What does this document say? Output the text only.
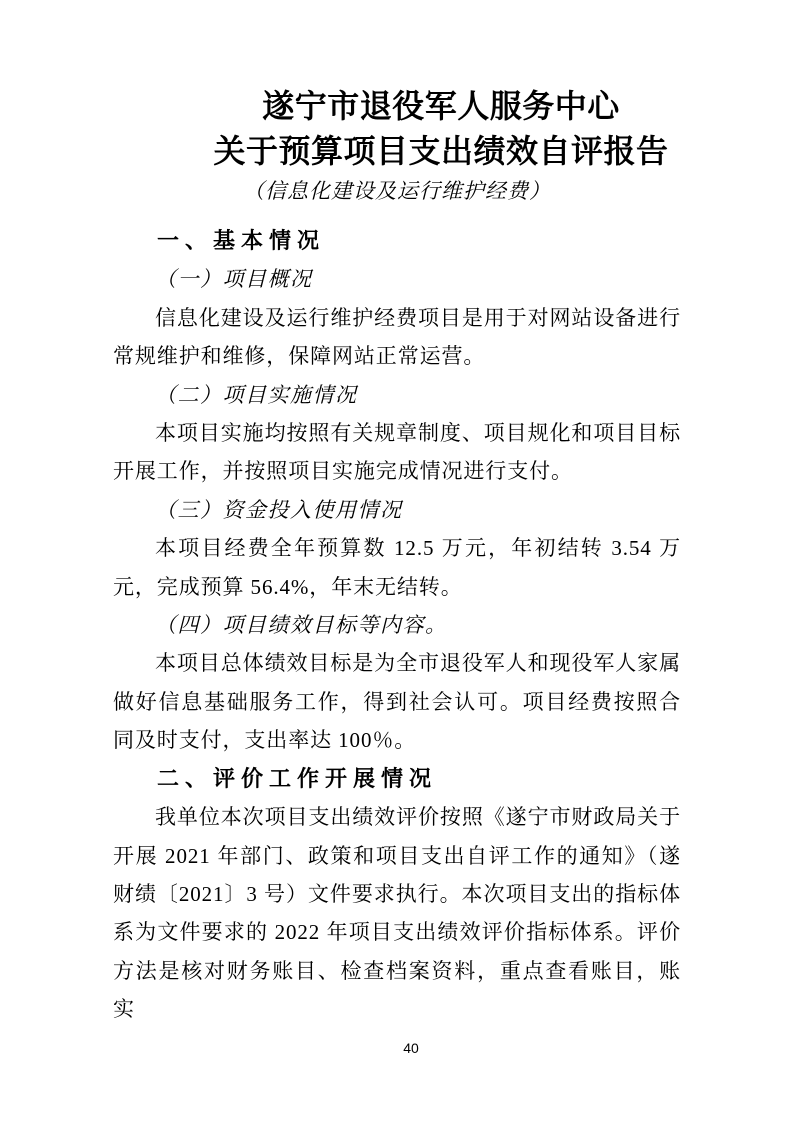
遂宁市退役军人服务中心
关于预算项目支出绩效自评报告
（信息化建设及运行维护经费）

一、基本情况

（一）项目概况

信息化建设及运行维护经费项目是用于对网站设备进行常规维护和维修，保障网站正常运营。

（二）项目实施情况

本项目实施均按照有关规章制度、项目规化和项目目标开展工作，并按照项目实施完成情况进行支付。

（三）资金投入使用情况

本项目经费全年预算数 12.5 万元，年初结转 3.54 万元，完成预算 56.4%，年末无结转。

（四）项目绩效目标等内容。

本项目总体绩效目标是为全市退役军人和现役军人家属做好信息基础服务工作，得到社会认可。项目经费按照合同及时支付，支出率达 100％。

二、评价工作开展情况

我单位本次项目支出绩效评价按照《遂宁市财政局关于开展 2021 年部门、政策和项目支出自评工作的通知》（遂财绩〔2021〕3 号）文件要求执行。本次项目支出的指标体系为文件要求的 2022 年项目支出绩效评价指标体系。评价方法是核对财务账目、检查档案资料，重点查看账目，账实

40
